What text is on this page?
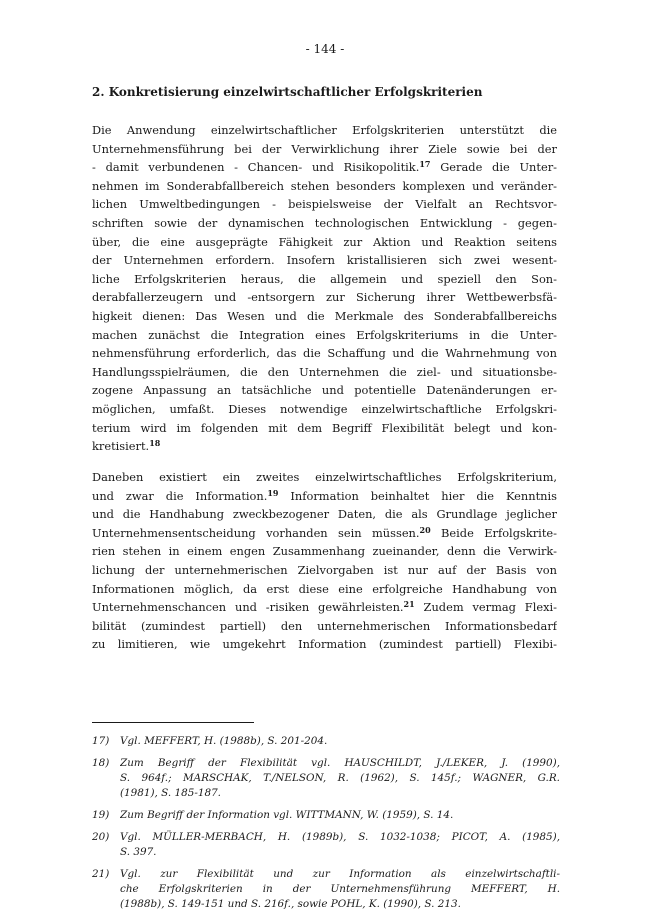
- 144 -
2. Konkretisierung einzelwirtschaftlicher Erfolgskriterien
Die Anwendung einzelwirtschaftlicher Erfolgskriterien unterstützt die
Unternehmensführung bei der Verwirklichung ihrer Ziele sowie bei der
- damit verbundenen - Chancen- und Risikopolitik.$^{17}$ Gerade die Unter-
nehmen im Sonderabfallbereich stehen besonders komplexen und veränder-
lichen Umweltbedingungen - beispielsweise der Vielfalt an Rechtsvor-
schriften sowie der dynamischen technologischen Entwicklung - gegen-
über, die eine ausgeprägte Fähigkeit zur Aktion und Reaktion seitens
der Unternehmen erfordern. Insofern kristallisieren sich zwei wesent-
liche Erfolgskriterien heraus, die allgemein und speziell den Son-
derabfallerzeugern und -entsorgern zur Sicherung ihrer Wettbewerbsfä-
higkeit dienen: Das Wesen und die Merkmale des Sonderabfallbereichs
machen zunächst die Integration eines Erfolgskriteriums in die Unter-
nehmensführung erforderlich, das die Schaffung und die Wahrnehmung von
Handlungsspielräumen, die den Unternehmen die ziel- und situationsbe-
zogene Anpassung an tatsächliche und potentielle Datenänderungen er-
möglichen, umfaßt. Dieses notwendige einzelwirtschaftliche Erfolgskri-
terium wird im folgenden mit dem Begriff Flexibilität belegt und kon-
kretisiert.$^{18}$
Daneben existiert ein zweites einzelwirtschaftliches Erfolgskriterium,
und zwar die Information.$^{19}$ Information beinhaltet hier die Kenntnis
und die Handhabung zweckbezogener Daten, die als Grundlage jeglicher
Unternehmensentscheidung vorhanden sein müssen.$^{20}$ Beide Erfolgskrite-
rien stehen in einem engen Zusammenhang zueinander, denn die Verwirk-
lichung der unternehmerischen Zielvorgaben ist nur auf der Basis von
Informationen möglich, da erst diese eine erfolgreiche Handhabung von
Unternehmenschancen und -risiken gewährleisten.$^{21}$ Zudem vermag Flexi-
bilität (zumindest partiell) den unternehmerischen Informationsbedarf
zu limitieren, wie umgekehrt Information (zumindest partiell) Flexibi-
17) Vgl. MEFFERT, H. (1988b), S. 201-204.
18) Zum Begriff der Flexibilität vgl. HAUSCHILDT, J./LEKER, J. (1990),
S. 964f.; MARSCHAK, T./NELSON, R. (1962), S. 145f.; WAGNER, G.R.
(1981), S. 185-187.
19) Zum Begriff der Information vgl. WITTMANN, W. (1959), S. 14.
20) Vgl. MÜLLER-MERBACH, H. (1989b), S. 1032-1038; PICOT, A. (1985),
S. 397.
21) Vgl. zur Flexibilität und zur Information als einzelwirtschaftli-
che Erfolgskriterien in der Unternehmensführung MEFFERT, H.
(1988b), S. 149-151 und S. 216f., sowie POHL, K. (1990), S. 213.
